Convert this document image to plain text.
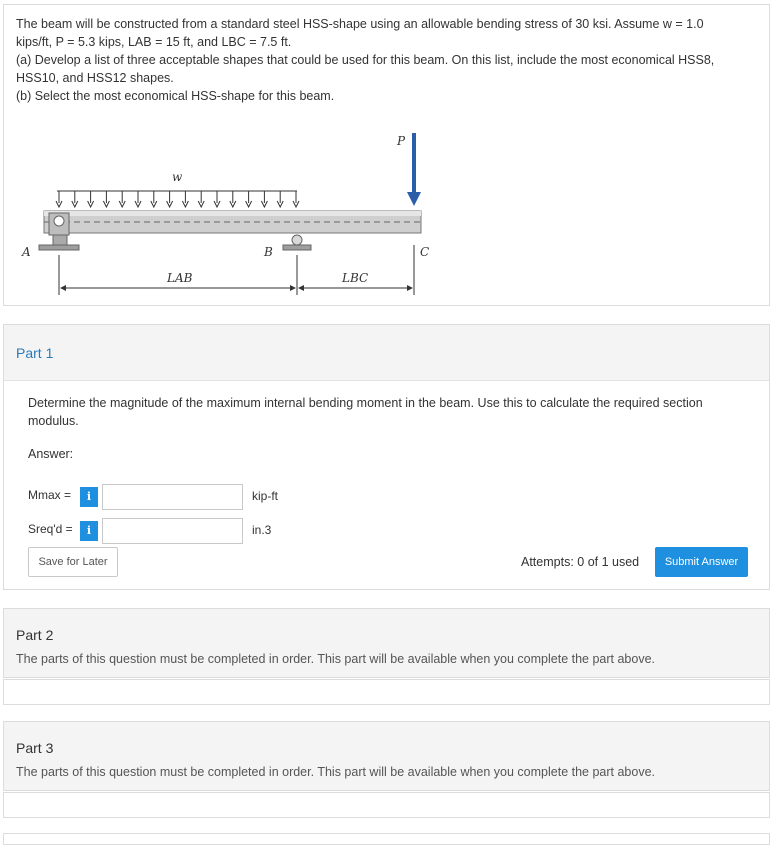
The beam will be constructed from a standard steel HSS-shape using an allowable bending stress of 30 ksi. Assume w = 1.0

kips/ft, P = 5.3 kips, LAB = 15 ft, and LBC = 7.5 ft.

(a) Develop a list of three acceptable shapes that could be used for this beam. On this list, include the most economical HSS8,

HSS10, and HSS12 shapes.

(b) Select the most economical HSS-shape for this beam.

w
P
A	B	C
LAB	LBC
Part 1
Determine the magnitude of the maximum internal bending moment in the beam. Use this to calculate the required section modulus.
Answer:
Mmax =	i	kip-ft
Sreq'd =	i	in.3
Save for Later	Attempts: 0 of 1 used	Submit Answer
Part 2
The parts of this question must be completed in order. This part will be available when you complete the part above.
Part 3
The parts of this question must be completed in order. This part will be available when you complete the part above.
